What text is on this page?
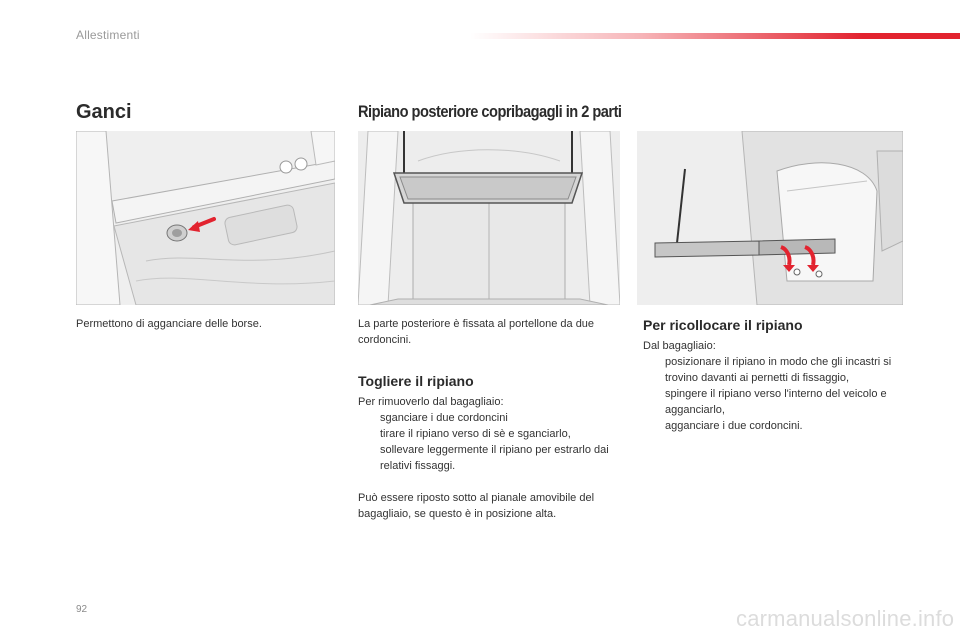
Allestimenti
Ganci	Ripiano posteriore copribagagli in 2 parti
Permettono di agganciare delle borse.	La parte posteriore è fissata al portellone da due cordoncini.
Togliere il ripiano
Per rimuoverlo dal bagagliaio:
sganciare i due cordoncini
tirare il ripiano verso di sè e sganciarlo,
sollevare leggermente il ripiano per estrarlo dai relativi fissaggi.
Può essere riposto sotto al pianale amovibile del bagagliaio, se questo è in posizione alta.
Per ricollocare il ripiano
Dal bagagliaio:
posizionare il ripiano in modo che gli incastri si trovino davanti ai pernetti di fissaggio,
spingere il ripiano verso l'interno del veicolo e agganciarlo,
agganciare i due cordoncini.
92	carmanualsonline.info
